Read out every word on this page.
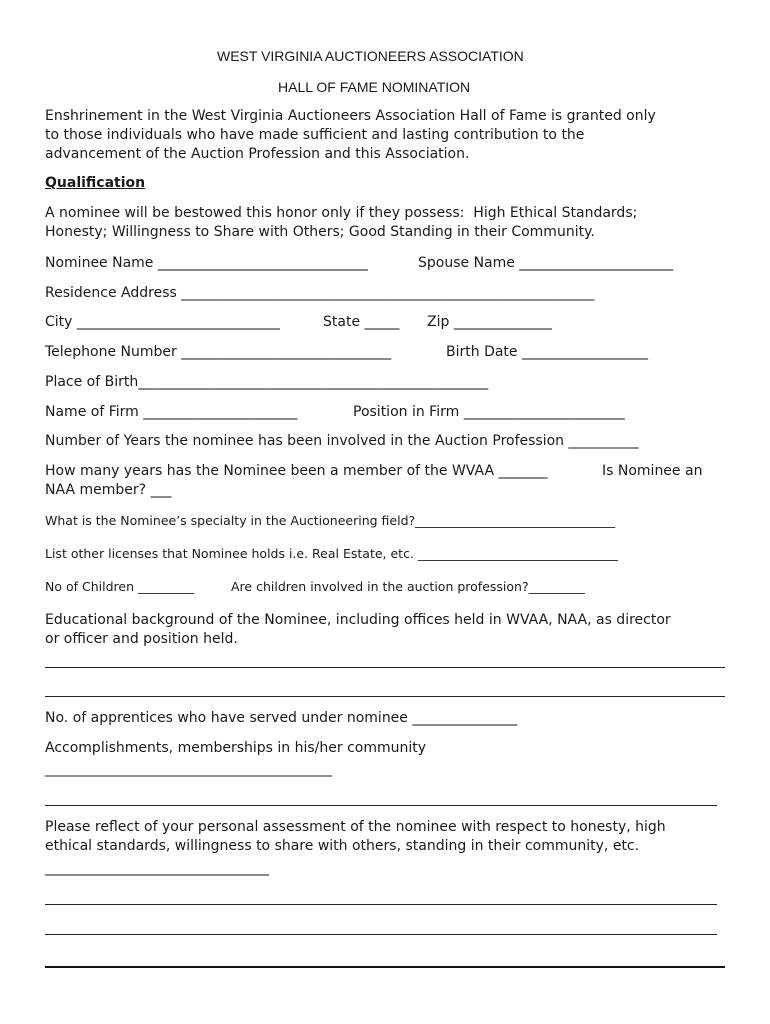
WEST VIRGINIA AUCTIONEERS ASSOCIATION
HALL OF FAME NOMINATION
Enshrinement in the West Virginia Auctioneers Association Hall of Fame is granted only
to those individuals who have made sufficient and lasting contribution to the
advancement of the Auction Profession and this Association.
Qualification
A nominee will be bestowed this honor only if they possess:  High Ethical Standards;
Honesty; Willingness to Share with Others; Good Standing in their Community.
Nominee Name ______________________________	Spouse Name ______________________
Residence Address ___________________________________________________________
City _____________________________	State _____ Zip ______________
Telephone Number ______________________________	Birth Date __________________
Place of Birth__________________________________________________
Name of Firm ______________________	Position in Firm _______________________
Number of Years the nominee has been involved in the Auction Profession __________
How many years has the Nominee been a member of the WVAA _______	Is Nominee an
NAA member? ___
What is the Nominee’s specialty in the Auctioneering field?________________________________
List other licenses that Nominee holds i.e. Real Estate, etc. ________________________________
No of Children _________	Are children involved in the auction profession?_________
Educational background of the Nominee, including offices held in WVAA, NAA, as director
or officer and position held.
No. of apprentices who have served under nominee _______________
Accomplishments, memberships in his/her community
_________________________________________
Please reflect of your personal assessment of the nominee with respect to honesty, high
ethical standards, willingness to share with others, standing in their community, etc.
________________________________
